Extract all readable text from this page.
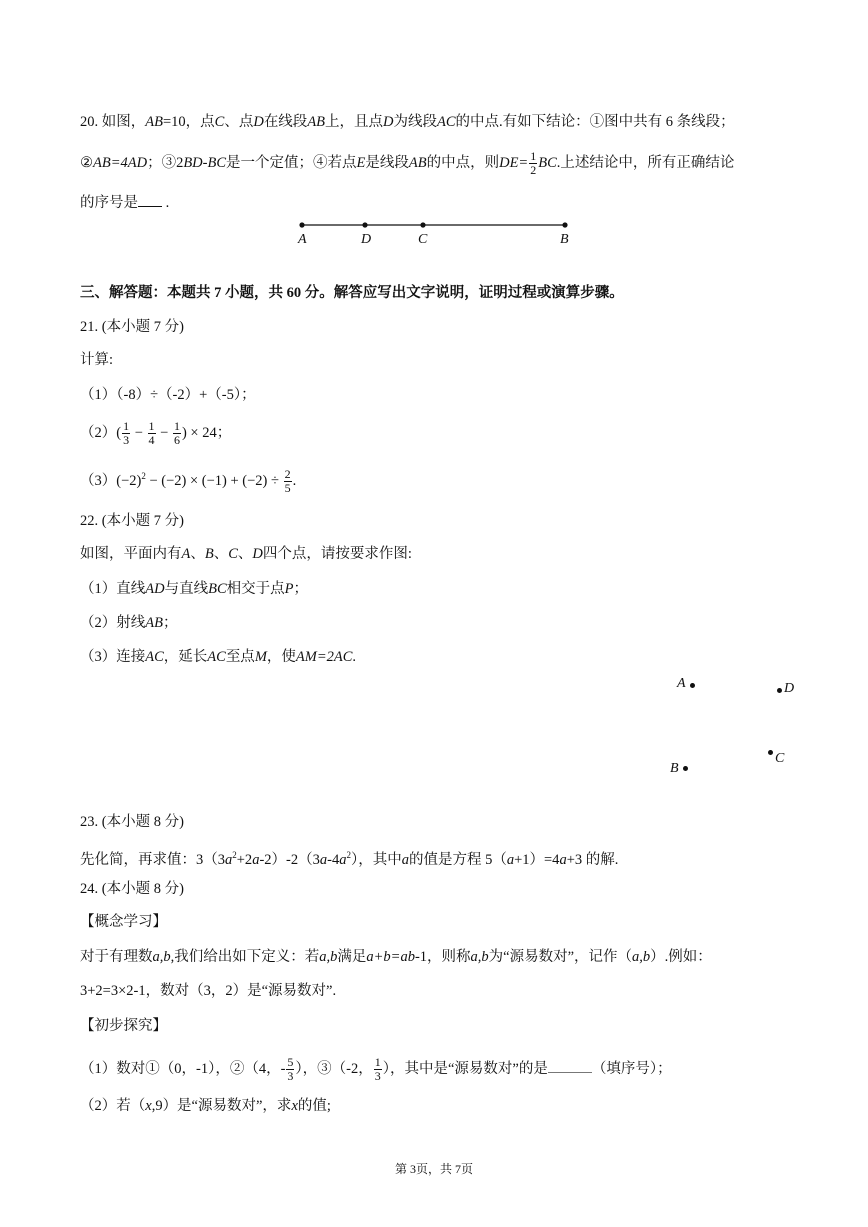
20. 如图，AB=10，点C、点D在线段AB上，且点D为线段AC的中点.有如下结论：①图中共有 6 条线段；
②AB=4AD；③2BD-BC是一个定值；④若点E是线段AB的中点，则$DE= \frac{1}{2}$ BC.上述结论中，所有正确结论
的序号是 .
A	D	C	B
三、解答题：本题共 7 小题，共 60 分。解答应写出文字说明，证明过程或演算步骤。
21. (本小题 7 分)
计算:
（1）（-8）÷（-2）+（-5）；
$(2)( \frac{1}{3} - \frac{1}{4} - \frac{1}{6}$ ) × 24；
$(3)(-2)^2 - (-2) \times (-1) + (-2) \div \frac{2}{5}$ .
22. (本小题 7 分)
如图，平面内有A、B、C、D四个点，请按要求作图:
（1）直线AD与直线BC相交于点P；
（2）射线AB；
（3）连接AC，延长AC至点M，使AM=2AC.
A	D
B
C
23. (本小题 8 分)
先化简，再求值：$3(3a^2+2a-2)-2(3a-4a^2)$，其中a的值是方程 5（a+1）=4a+3 的解.
24. (本小题 8 分)
【概念学习】
对于有理数a,b,我们给出如下定义：若a,b满足a+b=ab-1，则称a,b为“源易数对”，记作（a,b）.例如：
3+2=3×2-1，数对（3，2）是“源易数对”.
【初步探究】
（1）数对①（0，-1），②（4，- $\frac{5}{3}$ ），③（-2， $\frac{1}{3}$ ），其中是“源易数对”的是	（填序号）；
（2）若（x,9）是“源易数对”，求x的值;
第 3页，共 7页
